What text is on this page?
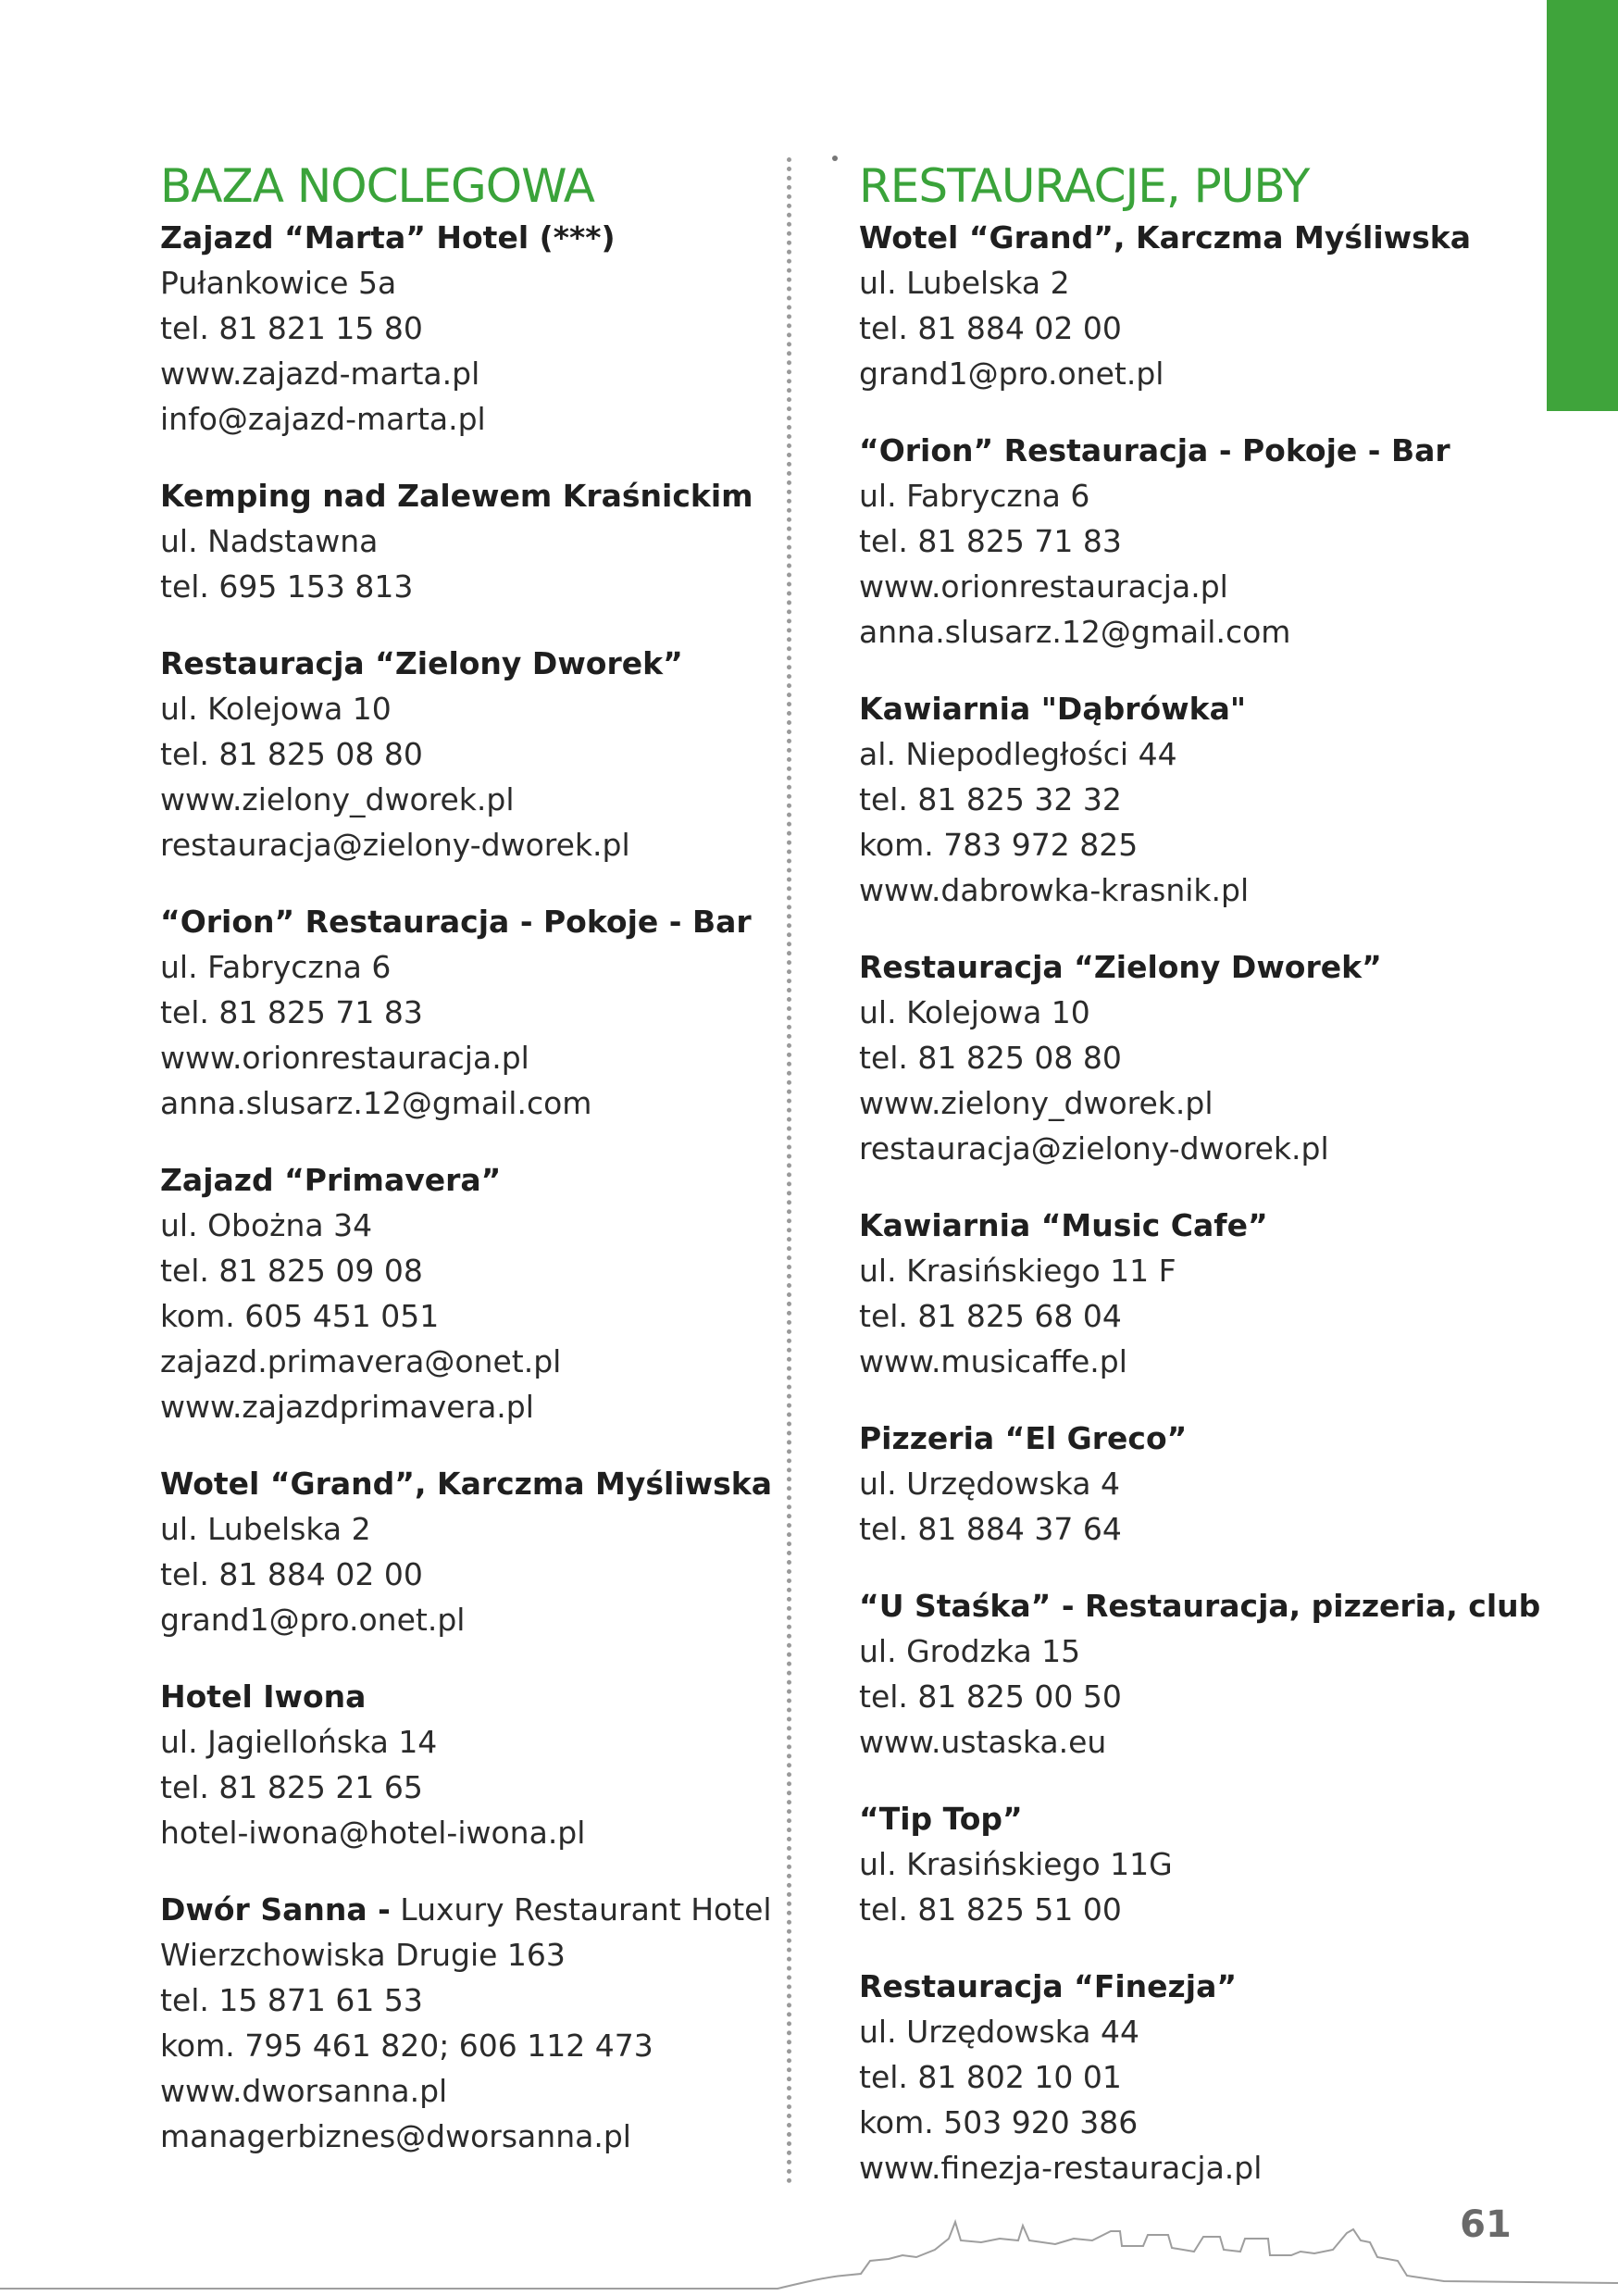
BAZA NOCLEGOWA
Zajazd “Marta” Hotel (***)
Pułankowice 5a
tel. 81 821 15 80
www.zajazd-marta.pl
info@zajazd-marta.pl
Kemping nad Zalewem Kraśnickim
ul. Nadstawna
tel. 695 153 813
Restauracja “Zielony Dworek”
ul. Kolejowa 10
tel. 81 825 08 80
www.zielony_dworek.pl
restauracja@zielony-dworek.pl
“Orion” Restauracja - Pokoje - Bar
ul. Fabryczna 6
tel. 81 825 71 83
www.orionrestauracja.pl
anna.slusarz.12@gmail.com
Zajazd “Primavera”
ul. Obożna 34
tel. 81 825 09 08
kom. 605 451 051
zajazd.primavera@onet.pl
www.zajazdprimavera.pl
Wotel “Grand”, Karczma Myśliwska
ul. Lubelska 2
tel. 81 884 02 00
grand1@pro.onet.pl
Hotel Iwona
ul. Jagiellońska 14
tel. 81 825 21 65
hotel-iwona@hotel-iwona.pl
Dwór Sanna - Luxury Restaurant Hotel
Wierzchowiska Drugie 163
tel. 15 871 61 53
kom. 795 461 820; 606 112 473
www.dworsanna.pl
managerbiznes@dworsanna.pl
RESTAURACJE, PUBY
Wotel “Grand”, Karczma Myśliwska
ul. Lubelska 2
tel. 81 884 02 00
grand1@pro.onet.pl
“Orion” Restauracja - Pokoje - Bar
ul. Fabryczna 6
tel. 81 825 71 83
www.orionrestauracja.pl
anna.slusarz.12@gmail.com
Kawiarnia "Dąbrówka"
al. Niepodległości 44
tel. 81 825 32 32
kom. 783 972 825
www.dabrowka-krasnik.pl
Restauracja “Zielony Dworek”
ul. Kolejowa 10
tel. 81 825 08 80
www.zielony_dworek.pl
restauracja@zielony-dworek.pl
Kawiarnia “Music Cafe”
ul. Krasińskiego 11 F
tel. 81 825 68 04
www.musicaffe.pl
Pizzeria “El Greco”
ul. Urzędowska 4
tel. 81 884 37 64
“U Staśka” - Restauracja, pizzeria, club
ul. Grodzka 15
tel. 81 825 00 50
www.ustaska.eu
“Tip Top”
ul. Krasińskiego 11G
tel. 81 825 51 00
Restauracja “Finezja”
ul. Urzędowska 44
tel. 81 802 10 01
kom. 503 920 386
www.finezja-restauracja.pl
61
